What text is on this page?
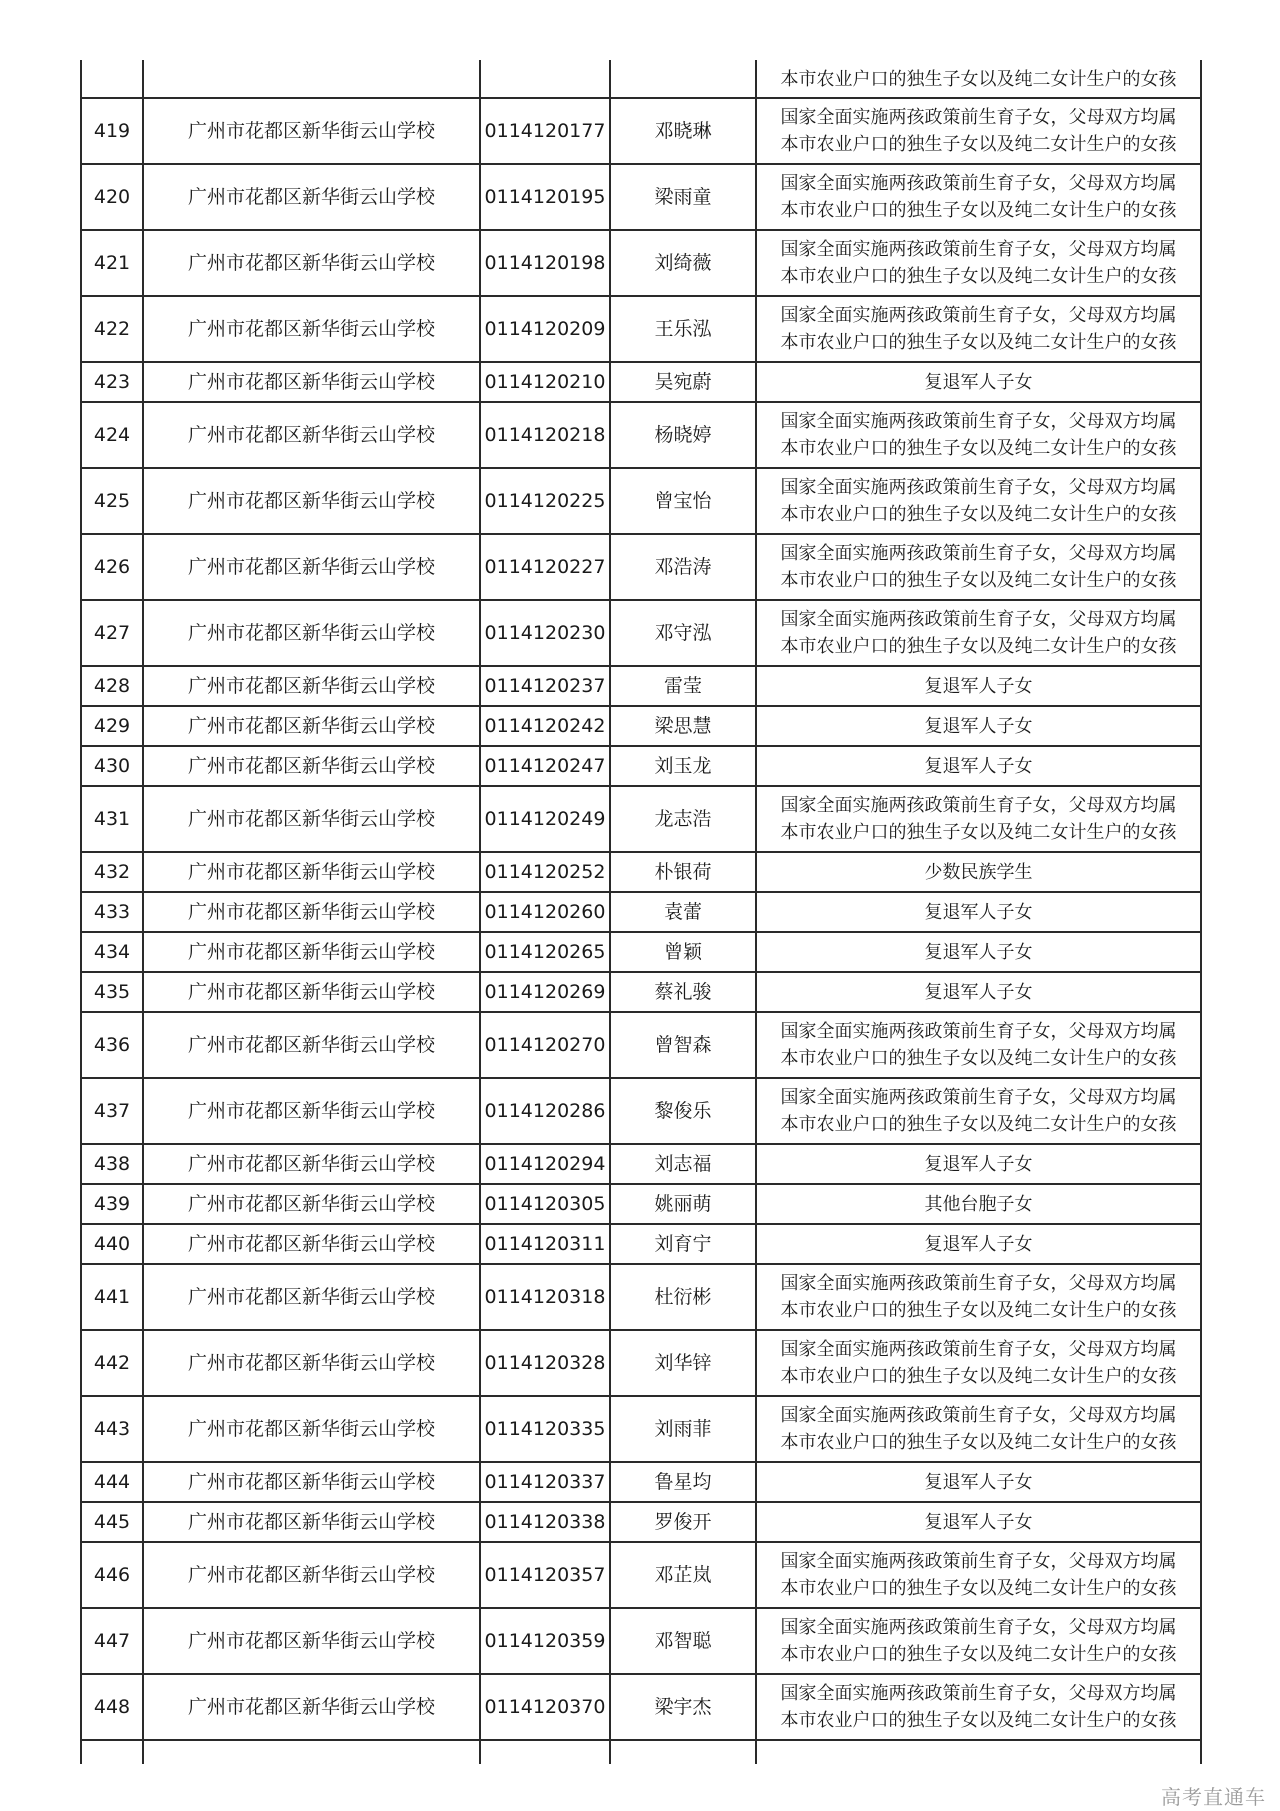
				本市农业户口的独生子女以及纯二女计生户的女孩

419	广州市花都区新华街云山学校	0114120177	邓晓琳	国家全面实施两孩政策前生育子女，父母双方均属
本市农业户口的独生子女以及纯二女计生户的女孩

420	广州市花都区新华街云山学校	0114120195	梁雨童	国家全面实施两孩政策前生育子女，父母双方均属
本市农业户口的独生子女以及纯二女计生户的女孩

421	广州市花都区新华街云山学校	0114120198	刘绮薇	国家全面实施两孩政策前生育子女，父母双方均属
本市农业户口的独生子女以及纯二女计生户的女孩

422	广州市花都区新华街云山学校	0114120209	王乐泓	国家全面实施两孩政策前生育子女，父母双方均属
本市农业户口的独生子女以及纯二女计生户的女孩

423	广州市花都区新华街云山学校	0114120210	吴宛蔚	复退军人子女

424	广州市花都区新华街云山学校	0114120218	杨晓婷	国家全面实施两孩政策前生育子女，父母双方均属
本市农业户口的独生子女以及纯二女计生户的女孩

425	广州市花都区新华街云山学校	0114120225	曾宝怡	国家全面实施两孩政策前生育子女，父母双方均属
本市农业户口的独生子女以及纯二女计生户的女孩

426	广州市花都区新华街云山学校	0114120227	邓浩涛	国家全面实施两孩政策前生育子女，父母双方均属
本市农业户口的独生子女以及纯二女计生户的女孩

427	广州市花都区新华街云山学校	0114120230	邓守泓	国家全面实施两孩政策前生育子女，父母双方均属
本市农业户口的独生子女以及纯二女计生户的女孩

428	广州市花都区新华街云山学校	0114120237	雷莹	复退军人子女

429	广州市花都区新华街云山学校	0114120242	梁思慧	复退军人子女

430	广州市花都区新华街云山学校	0114120247	刘玉龙	复退军人子女

431	广州市花都区新华街云山学校	0114120249	龙志浩	国家全面实施两孩政策前生育子女，父母双方均属
本市农业户口的独生子女以及纯二女计生户的女孩

432	广州市花都区新华街云山学校	0114120252	朴银荷	少数民族学生

433	广州市花都区新华街云山学校	0114120260	袁蕾	复退军人子女

434	广州市花都区新华街云山学校	0114120265	曾颖	复退军人子女

435	广州市花都区新华街云山学校	0114120269	蔡礼骏	复退军人子女

436	广州市花都区新华街云山学校	0114120270	曾智森	国家全面实施两孩政策前生育子女，父母双方均属
本市农业户口的独生子女以及纯二女计生户的女孩

437	广州市花都区新华街云山学校	0114120286	黎俊乐	国家全面实施两孩政策前生育子女，父母双方均属
本市农业户口的独生子女以及纯二女计生户的女孩

438	广州市花都区新华街云山学校	0114120294	刘志福	复退军人子女

439	广州市花都区新华街云山学校	0114120305	姚丽萌	其他台胞子女

440	广州市花都区新华街云山学校	0114120311	刘育宁	复退军人子女

441	广州市花都区新华街云山学校	0114120318	杜衍彬	国家全面实施两孩政策前生育子女，父母双方均属
本市农业户口的独生子女以及纯二女计生户的女孩

442	广州市花都区新华街云山学校	0114120328	刘华锌	国家全面实施两孩政策前生育子女，父母双方均属
本市农业户口的独生子女以及纯二女计生户的女孩

443	广州市花都区新华街云山学校	0114120335	刘雨菲	国家全面实施两孩政策前生育子女，父母双方均属
本市农业户口的独生子女以及纯二女计生户的女孩

444	广州市花都区新华街云山学校	0114120337	鲁星均	复退军人子女

445	广州市花都区新华街云山学校	0114120338	罗俊开	复退军人子女

446	广州市花都区新华街云山学校	0114120357	邓芷岚	国家全面实施两孩政策前生育子女，父母双方均属
本市农业户口的独生子女以及纯二女计生户的女孩

447	广州市花都区新华街云山学校	0114120359	邓智聪	国家全面实施两孩政策前生育子女，父母双方均属
本市农业户口的独生子女以及纯二女计生户的女孩

448	广州市花都区新华街云山学校	0114120370	梁宇杰	国家全面实施两孩政策前生育子女，父母双方均属
本市农业户口的独生子女以及纯二女计生户的女孩

高考直通车
